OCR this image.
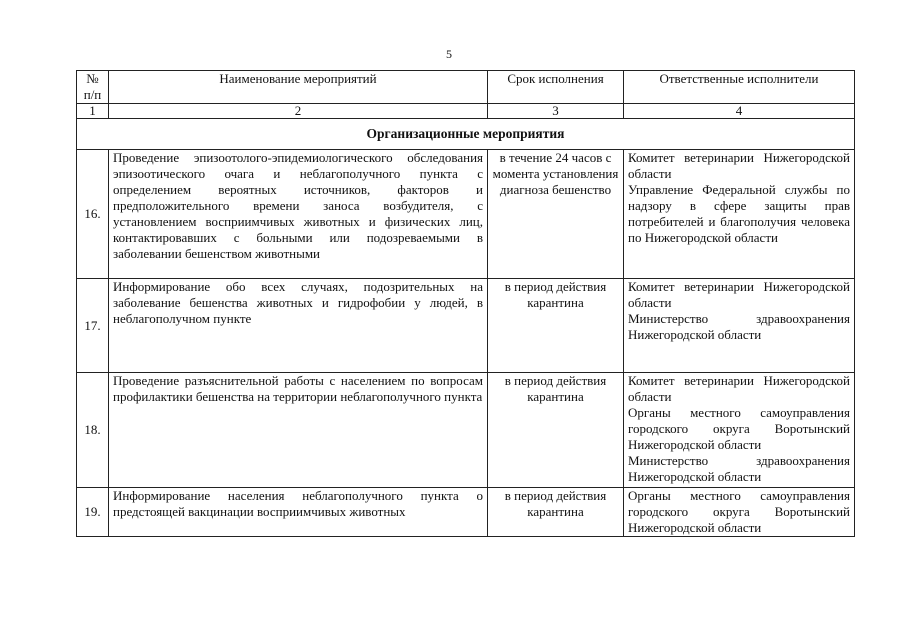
5
№ п/п	Наименование мероприятий	Срок исполнения	Ответственные исполнители
1	2	3	4
Организационные мероприятия			
16.	Проведение эпизоотолого-эпидемиологического обследования эпизоотического очага и неблагополучного пункта с определением вероятных источников, факторов и предположительного времени заноса возбудителя, с установлением восприимчивых животных и физических лиц, контактировавших с больными или подозреваемыми в заболевании бешенством животными	в течение 24 часов с момента установления диагноза бешенство	Комитет ветеринарии Нижегородской области
Управление Федеральной службы по надзору в сфере защиты прав потребителей и благополучия человека по Нижегородской области

17.	Информирование обо всех случаях, подозрительных на заболевание бешенства животных и гидрофобии у людей, в неблагополучном пункте	в период действия карантина	Комитет ветеринарии Нижегородской области
Министерство здравоохранения Нижегородской области

18.	Проведение разъяснительной работы с населением по вопросам профилактики бешенства на территории неблагополучного пункта	в период действия карантина	Комитет ветеринарии Нижегородской области
Органы местного самоуправления городского округа Воротынский Нижегородской области
Министерство здравоохранения Нижегородской области

19.	Информирование населения неблагополучного пункта о предстоящей вакцинации восприимчивых животных	в период действия карантина	Органы местного самоуправления городского округа Воротынский Нижегородской области
